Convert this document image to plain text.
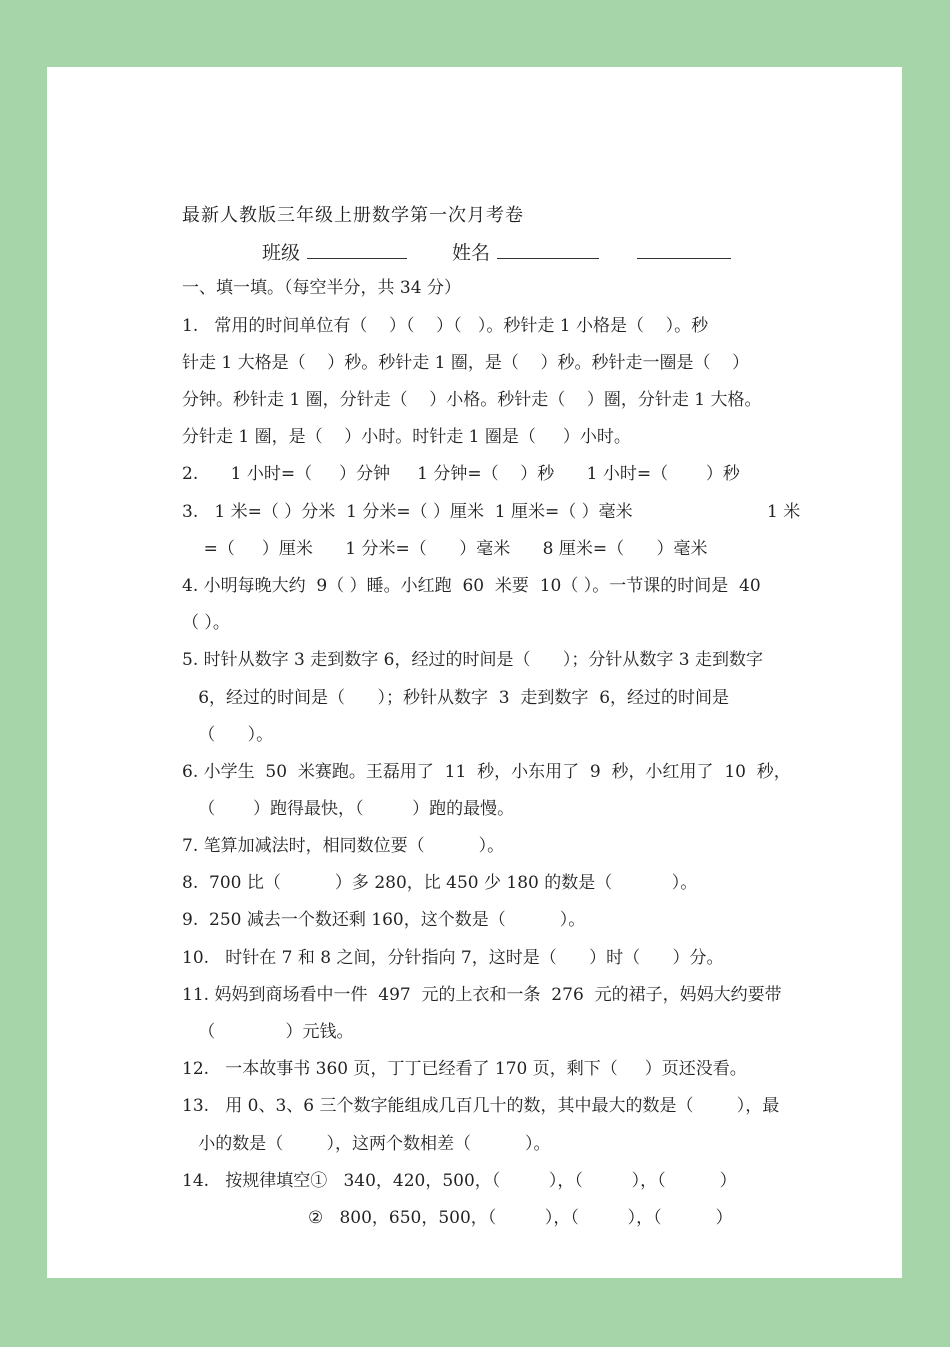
最新人教版三年级上册数学第一次月考卷
班级	姓名
一、填一填。（每空半分，共 34 分）
1.   常用的时间单位有（    ）（    ）（   ）。秒针走 1 小格是（    ）。秒
针走 1 大格是（    ）秒。秒针走 1 圈，是（    ）秒。秒针走一圈是（    ）
分钟。秒针走 1 圈，分针走（    ）小格。秒针走（    ）圈，分针走 1 大格。
分针走 1 圈，是（    ）小时。时针走 1 圈是（     ）小时。
2.      1 小时=（     ）分钟     1 分钟=（    ）秒      1 小时=（       ）秒
3.   1 米=（ ）分米  1 分米=（ ）厘米  1 厘米=（ ）毫米	1 米
=（     ）厘米      1 分米=（      ）毫米      8 厘米=（      ）毫米
4. 小明每晚大约  9（ ）睡。小红跑  60  米要  10（ ）。一节课的时间是  40
（ ）。
5. 时针从数字 3 走到数字 6，经过的时间是（      ）；分针从数字 3 走到数字
6，经过的时间是（      ）；秒针从数字  3  走到数字  6，经过的时间是
（      ）。
6. 小学生  50  米赛跑。王磊用了  11  秒，小东用了  9  秒，小红用了  10  秒，
（       ）跑得最快，（         ）跑的最慢。
7. 笔算加减法时，相同数位要（          ）。
8.  700 比（          ）多 280，比 450 少 180 的数是（           ）。
9.  250 减去一个数还剩 160，这个数是（          ）。
10.   时针在 7 和 8 之间，分针指向 7，这时是（      ）时（      ）分。
11. 妈妈到商场看中一件  497  元的上衣和一条  276  元的裙子，妈妈大约要带
（             ）元钱。
12.   一本故事书 360 页，丁丁已经看了 170 页，剩下（     ）页还没看。
13.   用 0、3、6 三个数字能组成几百几十的数，其中最大的数是（        ），最
小的数是（        ），这两个数相差（          ）。
14.   按规律填空①   340，420，500，（         ），（         ），（          ）
②   800，650，500，（         ），（         ），（          ）
